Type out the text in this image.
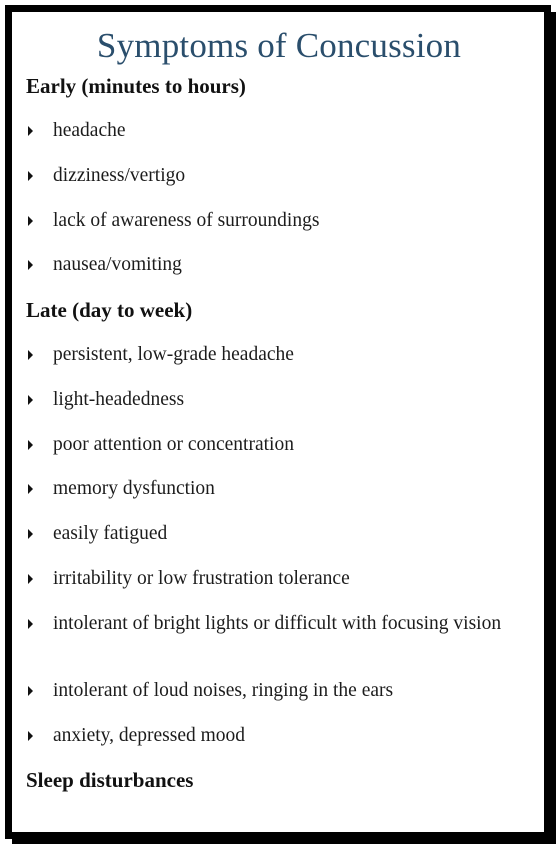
Symptoms of Concussion
Early (minutes to hours)
headache
dizziness/vertigo
lack of awareness of surroundings
nausea/vomiting
Late (day to week)
persistent, low-grade headache
light-headedness
poor attention or concentration
memory dysfunction
easily fatigued
irritability or low frustration tolerance
intolerant of bright lights or difficult with focusing vision
intolerant of loud noises, ringing in the ears
anxiety, depressed mood
Sleep disturbances
